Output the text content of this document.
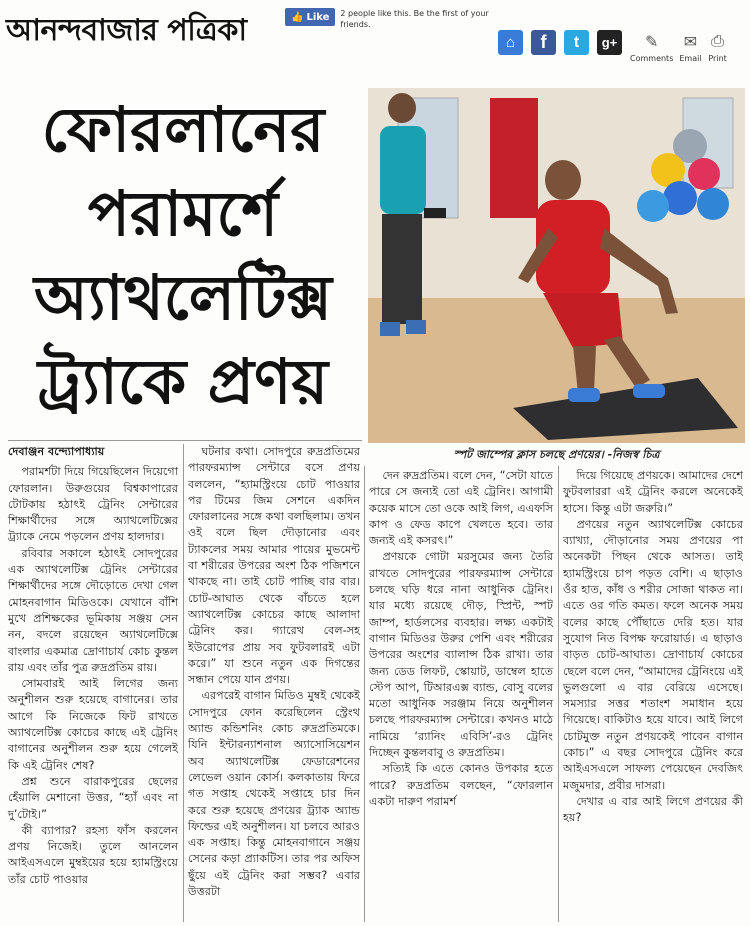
আনন্দবাজার পত্রিকা	👍 Like 2 people like this. Be the first of your friends.
⌂	f	t	g+ ✎
Comments
✉
Email
⎙
Print
ফোরলানের
পরামর্শে
অ্যাথলেটিক্স
ট্র্যাকে প্রণয়
স্পট জাম্পের ক্লাস চলছে প্রণয়ের। -নিজস্ব চিত্র

দেবাঞ্জন বন্দ্যোপাধ্যায়

পরামর্শটা দিয়ে গিয়েছিলেন দিয়েগো ফোরলান। উরুগুয়ের বিশ্বকাপারের টোটকায় হঠাৎই ট্রেনিং সেন্টারের শিক্ষার্থীদের সঙ্গে অ্যাথলেটিক্সের ট্র্যাকে নেমে পড়লেন প্রণয় হালদার।

রবিবার সকালে হঠাৎই সোদপুরের এক অ্যাথলেটিক্স ট্রেনিং সেন্টারের শিক্ষার্থীদের সঙ্গে দৌড়োতে দেখা গেল মোহনবাগান মিডিওকে। যেখানে বাঁশি মুখে প্রশিক্ষকের ভূমিকায় সঞ্জয় সেন নন, বদলে রয়েছেন অ্যাথলেটিক্সে বাংলার একমাত্র দ্রোণাচার্য কোচ কুন্তল রায় এবং তাঁর পুত্র রুদ্রপ্রতিম রায়।

সোমবারই আই লিগের জন্য অনুশীলন শুরু হয়েছে বাগানের। তার আগে কি নিজেকে ফিট রাখতে অ্যাথলেটিক্স কোচের কাছে এই ট্রেনিং বাগানের অনুশীলন শুরু হয়ে গেলেই কি এই ট্রেনিং শেষ?

প্রশ্ন শুনে বারাকপুরের ছেলের হেঁয়ালি মেশানো উত্তর, “হ্যাঁ এবং না দু’টোই।”

কী ব্যাপার? রহস্য ফাঁস করলেন প্রণয় নিজেই। তুলে আনলেন আইএসএলে মুম্বইয়ের হয়ে হ্যামস্ট্রিংয়ে তাঁর চোট পাওয়ার

ঘটনার কথা। সোদপুরে রুদ্রপ্রতিমের পারফরম্যান্স সেন্টারে বসে প্রণয় বললেন, “হ্যামস্ট্রিংয়ে চোট পাওয়ার পর টিমের জিম সেশনে একদিন ফোরলানের সঙ্গে কথা বলছিলাম। তখন ওই বলে ছিল দৌড়ানোর এবং ট্যাকলের সময় আমার পায়ের মুভমেন্ট বা শরীরের উপরের অংশ ঠিক পজিশনে থাকছে না। তাই চোট পাচ্ছি বার বার। চোট-আঘাত থেকে বাঁচতে হলে অ্যাথলেটিক্স কোচের কাছে আলাদা ট্রেনিং কর। গ্যারেথ বেল-সহ ইউরোপের প্রায় সব ফুটবলারই এটা করে।” যা শুনে নতুন এক দিগন্তের সন্ধান পেয়ে যান প্রণয়।

এরপরেই বাগান মিডিও মুম্বই থেকেই সোদপুরে ফোন করেছিলেন স্ট্রেংথ অ্যান্ড কন্ডিশনিং কোচ রুদ্রপ্রতিমকে। যিনি ইন্টারন্যাশনাল অ্যাসোসিয়েশন অব অ্যাথলেটিক্স ফেডারেশনের লেভেল ওয়ান কোর্স। কলকাতায় ফিরে গত সপ্তাহ থেকেই সপ্তাহে চার দিন করে শুরু হয়েছে প্রণয়ের ট্র্যাক অ্যান্ড ফিল্ডের এই অনুশীলন। যা চলবে আরও এক সপ্তাহ। কিন্তু মোহনবাগানে সঞ্জয় সেনের কড়া প্র্যাকটিস। তার পর অফিস ছুঁয়ে এই ট্রেনিং করা সম্ভব? এবার উত্তরটা

দেন রুদ্রপ্রতিম। বলে দেন, “সেটা যাতে পারে সে জন্যই তো এই ট্রেনিং। আগামী কয়েক মাসে তো ওকে আই লিগ, এএফসি কাপ ও ফেড কাপে খেলতে হবে। তার জন্যই এই কসরৎ।”

প্রণয়কে গোটা মরসুমের জন্য তৈরি রাখতে সোদপুরের পারফরম্যান্স সেন্টারে চলছে ঘড়ি ধরে নানা আধুনিক ট্রেনিং। যার মধ্যে রয়েছে দৌড়, স্প্রিন্ট, স্পট জাম্প, হার্ডলসের ব্যবহার। লক্ষ্য একটাই বাগান মিডিওর উরুর পেশি এবং শরীরের উপরের অংশের ব্যালান্স ঠিক রাখা। তার জন্য ডেড লিফট, স্কোয়াট, ডাম্বেল হাতে স্টেপ আপ, টিআরএক্স ব্যান্ড, বোসু বলের মতো আধুনিক সরঞ্জাম নিয়ে অনুশীলন চলছে পারফরম্যান্স সেন্টারে। কখনও মাঠে নামিয়ে ‘র‌্যানিং এবিসি’-রও ট্রেনিং দিচ্ছেন কুন্তলবাবু ও রুদ্রপ্রতিম।

সত্যিই কি এতে কোনও উপকার হতে পারে? রুদ্রপ্রতিম বলছেন, “ফোরলান একটা দারুণ পরামর্শ

দিয়ে গিয়েছে প্রণয়কে। আমাদের দেশে ফুটবলাররা এই ট্রেনিং করলে অনেকেই হাসে। কিন্তু এটা জরুরি।”

প্রণয়ের নতুন অ্যাথলেটিক্স কোচের ব্যাখ্যা, দৌড়ানোর সময় প্রণয়ের পা অনেকটা পিছন থেকে আসত। তাই হ্যামস্ট্রিংয়ে চাপ পড়ত বেশি। এ ছাড়াও ওঁর হাত, কাঁধ ও শরীর সোজা থাকত না। এতে ওর গতি কমত। ফলে অনেক সময় বলের কাছে পৌঁছাতে দেরি হত। যার সুযোগ নিত বিপক্ষ ফরোয়ার্ড। এ ছাড়াও বাড়ত চোট-আঘাত। দ্রোণাচার্য কোচের ছেলে বলে দেন, “আমাদের ট্রেনিংয়ে এই ভুলগুলো এ বার বেরিয়ে এসেছে। সমস্যার সত্তর শতাংশ সমাধান হয়ে গিয়েছে। বাকিটাও হয়ে যাবে। আই লিগে চোটমুক্ত নতুন প্রণয়কেই পাবেন বাগান কোচ।” এ বছর সোদপুরে ট্রেনিং করে আইএসএলে সাফল্য পেয়েছেন দেবজিৎ মজুমদার, প্রবীর দাসরা।

দেখার এ বার আই লিগে প্রণয়ের কী হয়?
